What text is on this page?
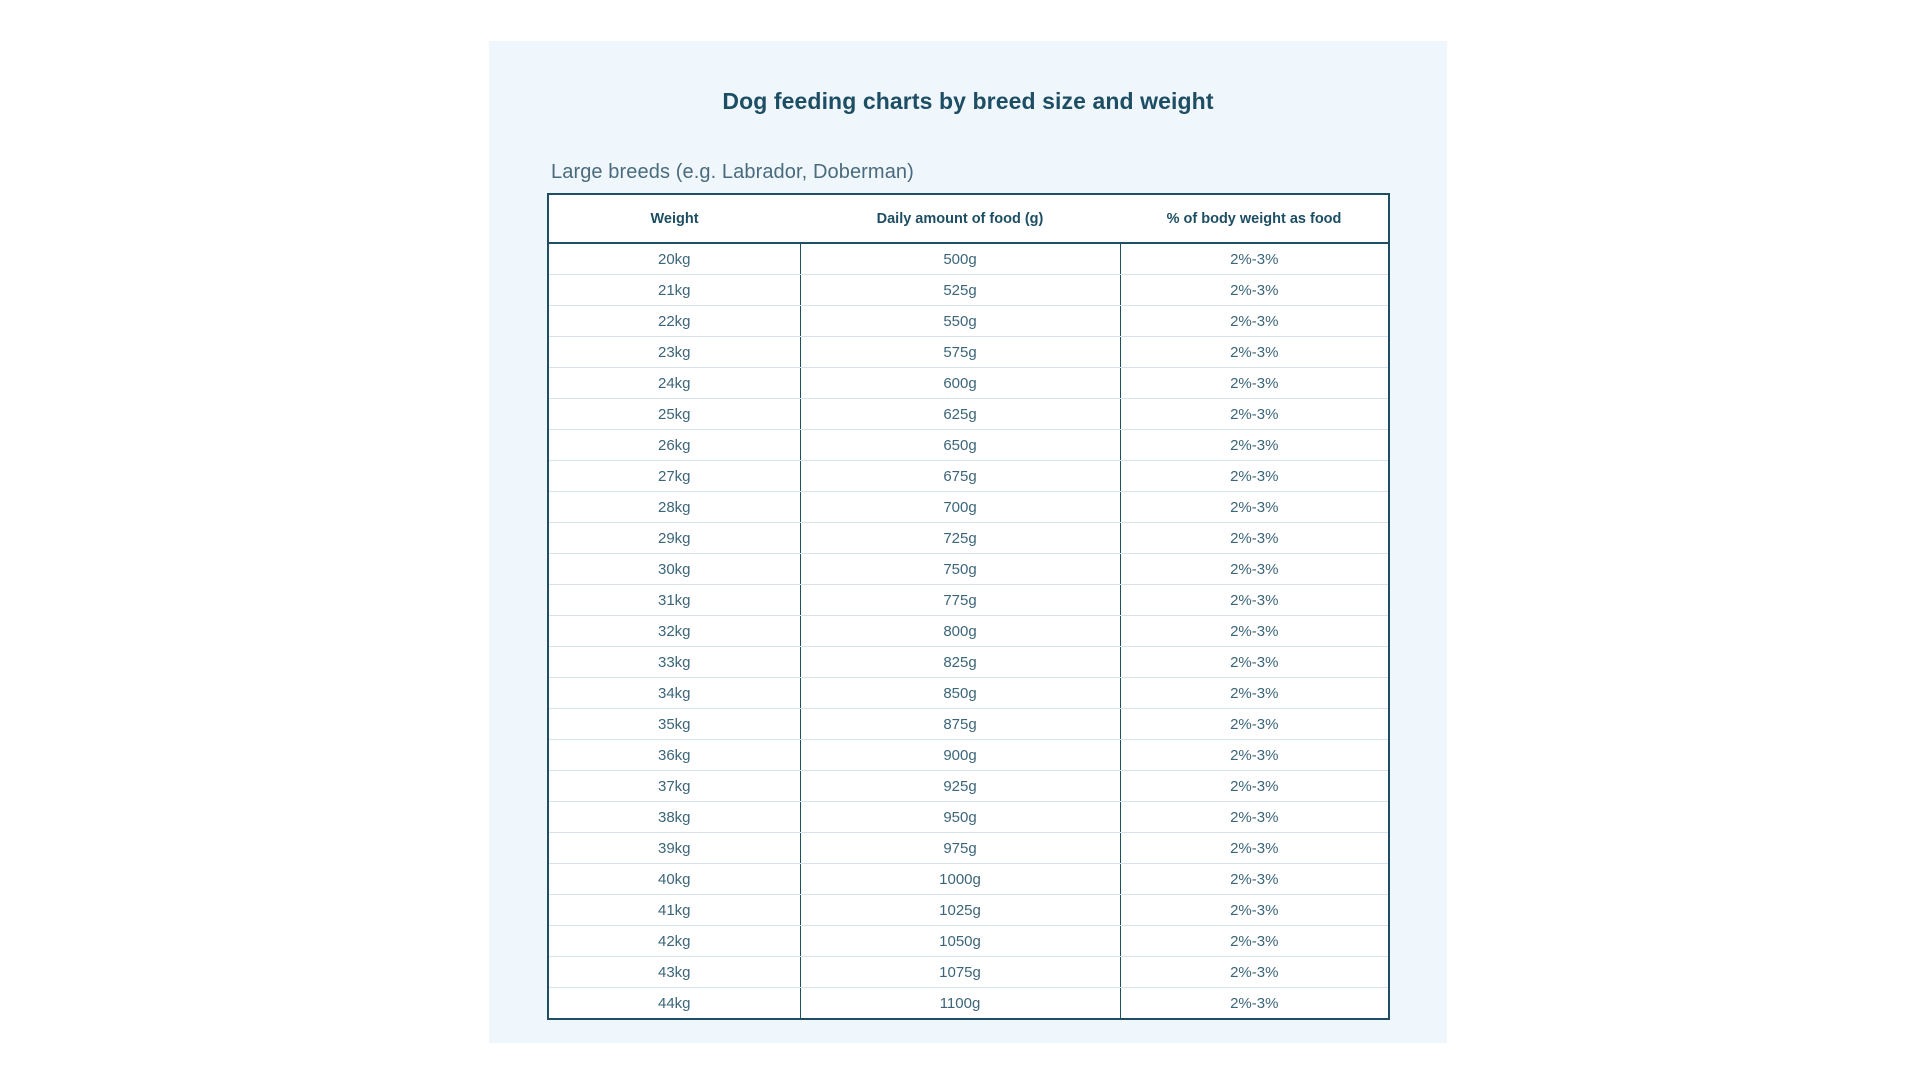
Dog feeding charts by breed size and weight
Large breeds (e.g. Labrador, Doberman)
Weight	Daily amount of food (g)	% of body weight as food
20kg	500g	2%-3%
21kg	525g	2%-3%
22kg	550g	2%-3%
23kg	575g	2%-3%
24kg	600g	2%-3%
25kg	625g	2%-3%
26kg	650g	2%-3%
27kg	675g	2%-3%
28kg	700g	2%-3%
29kg	725g	2%-3%
30kg	750g	2%-3%
31kg	775g	2%-3%
32kg	800g	2%-3%
33kg	825g	2%-3%
34kg	850g	2%-3%
35kg	875g	2%-3%
36kg	900g	2%-3%
37kg	925g	2%-3%
38kg	950g	2%-3%
39kg	975g	2%-3%
40kg	1000g	2%-3%
41kg	1025g	2%-3%
42kg	1050g	2%-3%
43kg	1075g	2%-3%
44kg	1100g	2%-3%
